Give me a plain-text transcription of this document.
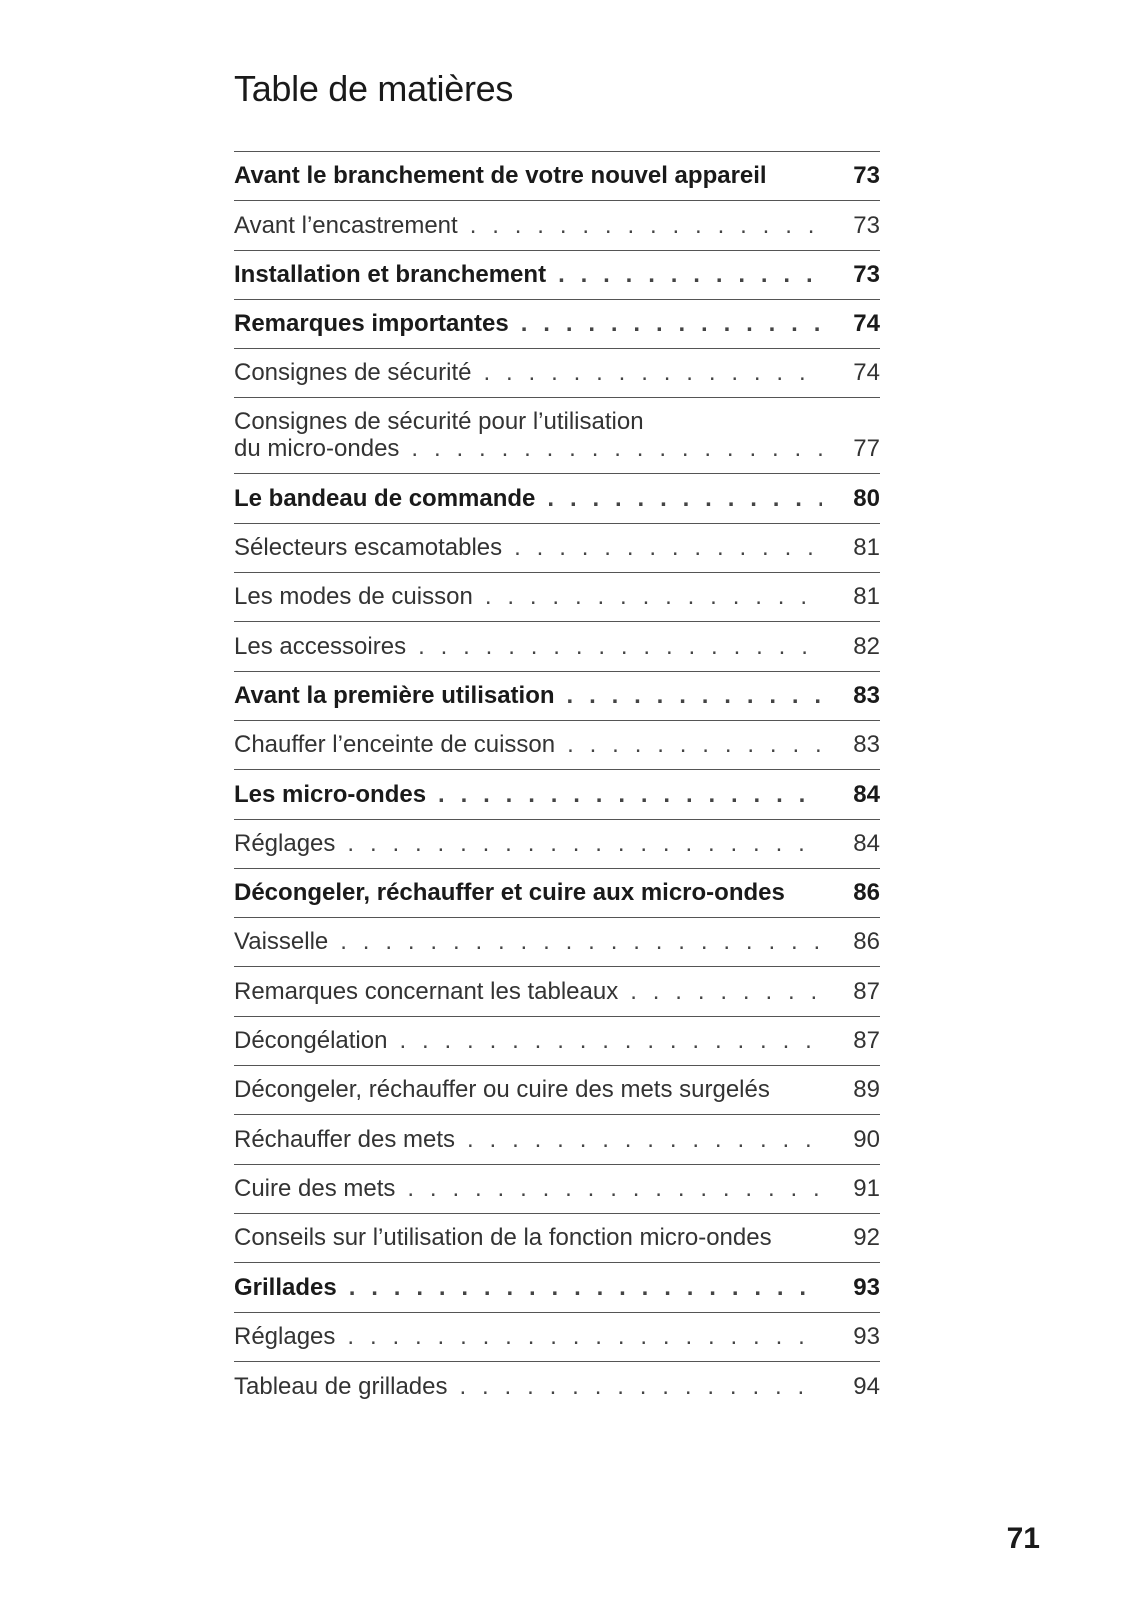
Table de matières
Avant le branchement de votre nouvel appareil	73
Avant l’encastrement . . .	73
Installation et branchement . . .	73
Remarques importantes . . .	74
Consignes de sécurité . . .	74
Consignes de sécurité pour l’utilisation
du micro-ondes . . .	77
Le bandeau de commande . . .	80
Sélecteurs escamotables . . .	81
Les modes de cuisson . . .	81
Les accessoires . . .	82
Avant la première utilisation . . .	83
Chauffer l’enceinte de cuisson . . .	83
Les micro-ondes . . .	84
Réglages . . .	84
Décongeler, réchauffer et cuire aux micro-ondes	86
Vaisselle . . .	86
Remarques concernant les tableaux . . .	87
Décongélation . . .	87
Décongeler, réchauffer ou cuire des mets surgelés	89
Réchauffer des mets . . .	90
Cuire des mets . . .	91
Conseils sur l’utilisation de la fonction micro-ondes	92
Grillades . . .	93
Réglages . . .	93
Tableau de grillades . . .	94
71
